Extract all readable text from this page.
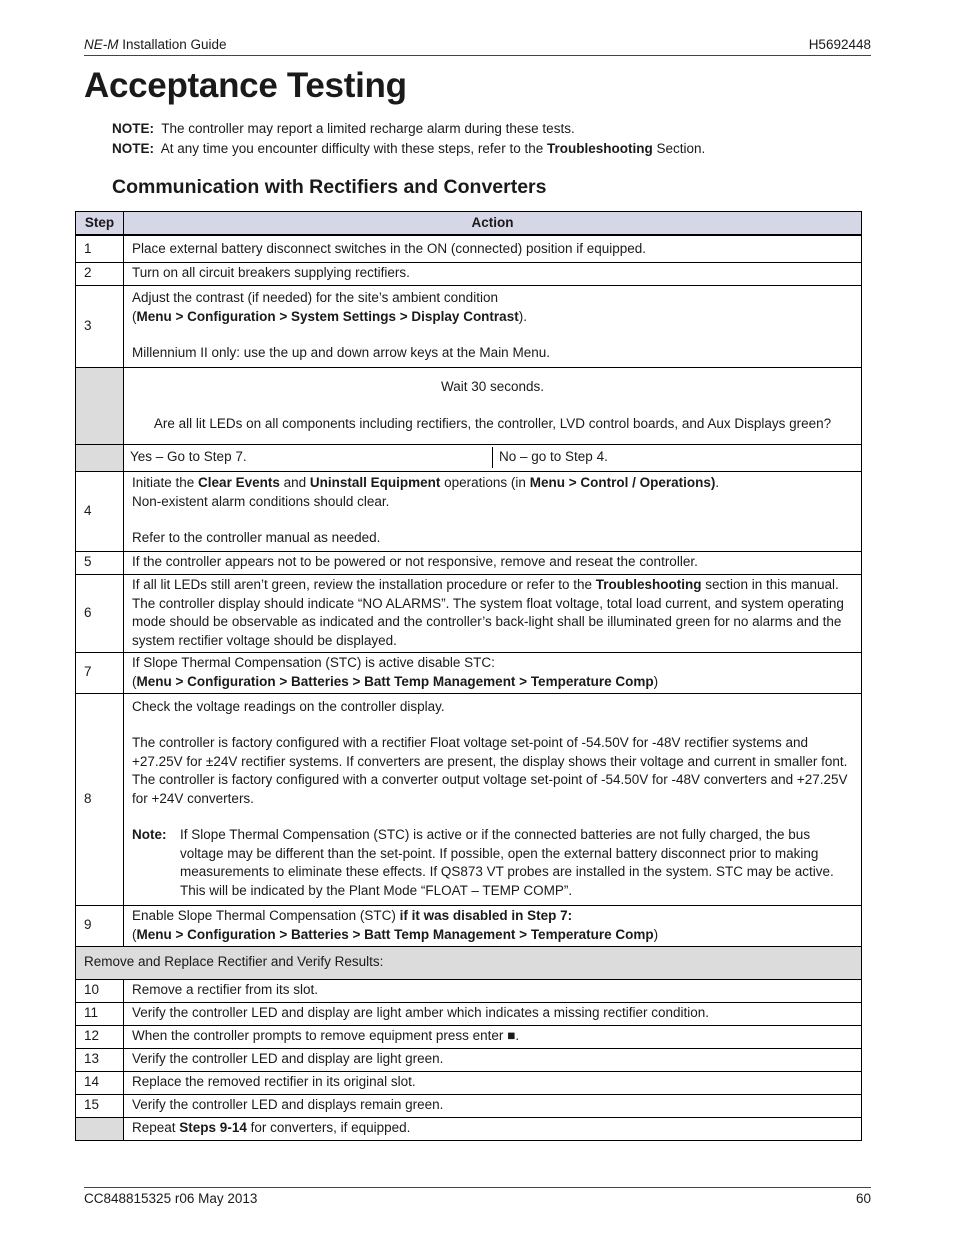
NE-M Installation Guide	H5692448
Acceptance Testing
NOTE: The controller may report a limited recharge alarm during these tests.
NOTE: At any time you encounter difficulty with these steps, refer to the Troubleshooting Section.
Communication with Rectifiers and Converters
Step	Action
1	Place external battery disconnect switches in the ON (connected) position if equipped.
2	Turn on all circuit breakers supplying rectifiers.
3	Adjust the contrast (if needed) for the site’s ambient condition
(Menu > Configuration > System Settings > Display Contrast).
Millennium II only: use the up and down arrow keys at the Main Menu.

	Wait 30 seconds.
Are all lit LEDs on all components including rectifiers, the controller, LVD control boards, and Aux Displays green?

	Yes – Go to Step 7. No – go to Step 4.

4	Initiate the Clear Events and Uninstall Equipment operations (in Menu > Control / Operations).
Non-existent alarm conditions should clear.
Refer to the controller manual as needed.

5	If the controller appears not to be powered or not responsive, remove and reseat the controller.
6	If all lit LEDs still aren’t green, review the installation procedure or refer to the Troubleshooting section in this manual. The controller display should indicate “NO ALARMS”. The system float voltage, total load current, and system operating mode should be observable as indicated and the controller’s back-light shall be illuminated green for no alarms and the system rectifier voltage should be displayed.
7	If Slope Thermal Compensation (STC) is active disable STC:
(Menu > Configuration > Batteries > Batt Temp Management > Temperature Comp)

8	Check the voltage readings on the controller display.
The controller is factory configured with a rectifier Float voltage set-point of -54.50V for -48V rectifier systems and +27.25V for ±24V rectifier systems. If converters are present, the display shows their voltage and current in smaller font. The controller is factory configured with a converter output voltage set-point of -54.50V for -48V converters and +27.25V for +24V converters.
Note: If Slope Thermal Compensation (STC) is active or if the connected batteries are not fully charged, the bus voltage may be different than the set-point. If possible, open the external battery disconnect prior to making measurements to eliminate these effects. If QS873 VT probes are installed in the system. STC may be active. This will be indicated by the Plant Mode “FLOAT – TEMP COMP”.

9	Enable Slope Thermal Compensation (STC) if it was disabled in Step 7:
(Menu > Configuration > Batteries > Batt Temp Management > Temperature Comp)

Remove and Replace Rectifier and Verify Results:	
10	Remove a rectifier from its slot.
11	Verify the controller LED and display are light amber which indicates a missing rectifier condition.
12	When the controller prompts to remove equipment press enter ■.
13	Verify the controller LED and display are light green.
14	Replace the removed rectifier in its original slot.
15	Verify the controller LED and displays remain green.
	Repeat Steps 9-14 for converters, if equipped.
CC848815325 r06 May 2013	60
